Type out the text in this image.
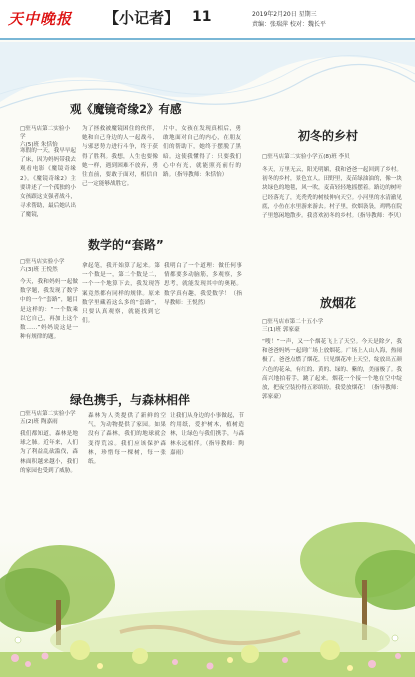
天中晚报 【小记者】 11	2019年2月20日 星期三
责编：张瑞萍 校对：魏长平
观《魔镜奇缘2》有感
□驻马店第二实验小学
六(5)班 朱恬怡
寒假的一天，我早早起了床，因为妈妈带我去观看电影《魔镜奇缘2》。《魔镜奇缘2》主要讲述了一个孤独的小女孩跟这支强者战斗，寻求帮助，最后她认出了魔镜，
为了拯救被魔镜困住的伙伴，她和自己身边的人一起战斗，与邪恶势力进行斗争，终于获得了胜利。我想，人生也要像她一样，遇到困难不放弃，勇往直前，要敢于面对，相信自己一定能够战胜它。
片中，女孩在发现真相后，勇敢地面对自己的内心，在朋友们的帮助下，她终于摆脱了黑暗。这使我懂得了：只要我们心中有光，就能照亮前行的路。（指导教师：朱恬怡）
数学的“套路”
□驻马店实验小学
六(3)班 王悦然
今天，我和妈妈一起做数学题，我发现了数学中的一个“套路”，题目是这样的：“一个数乘以它自己，再加上这个数……”妈妈说这是一种有规律的题。
拿起笔，我开始算了起来。第一个数是一，第二个数是二，一个一个地算下去，我发现答案竟然都有同样的规律。原来数学里藏着这么多的“套路”，只要认真观察，就能找到它们。
我明白了一个道理：做任何事情都要多动脑筋，多观察，多思考，就能发现其中的奥秘。数学真有趣，我爱数学！（指导教师：王悦然）
绿色携手，与森林相伴
□驻马店第二实验小学
五(2)班 陶嘉雨
我们都知道，森林是地球之肺。近年来，人们为了利益乱砍滥伐，森林面积越来越小，我们的家园也受到了威胁。
森林为人类提供了新鲜的空气，为动物提供了家园。如果没有了森林，我们的地球就会变得荒凉。我们应该保护森林，珍惜每一棵树，每一张纸。
让我们从身边的小事做起，节约用纸，爱护树木，植树造林，让绿色与我们携手，与森林永远相伴。（指导教师：陶嘉雨）
初冬的乡村
□驻马店第二实验小学五(8)班 李贝
冬天，万里无云，阳光明媚，我和爸爸一起回到了乡村。初冬的乡村，景色宜人。田野里，麦苗绿油油的，像一块块绿色的地毯，风一吹，麦苗轻轻地摇摆着。路边的树叶已经落光了，光秃秃的树枝伸向天空。小河里的水清澈见底，小鱼在水里游来游去。村子里，炊烟袅袅，鸡鸭在院子里悠闲地散步。我喜欢初冬的乡村。（指导教师：李贝）
放烟花
□驻马店市第二十五小学
三(1)班 郭家豪
“嗖！”一声，又一个烟花飞上了天空。今天是除夕，我和爸爸妈妈一起到广场上放烟花。广场上人山人海，热闹极了。爸爸点燃了烟花，只见烟花冲上天空，绽放出五颜六色的花朵，有红的、黄的、绿的、紫的，美丽极了。我高兴地拍着手，跳了起来。烟花一个接一个地在空中绽放，把夜空装扮得五彩缤纷。我爱放烟花！（指导教师：郭家豪）
